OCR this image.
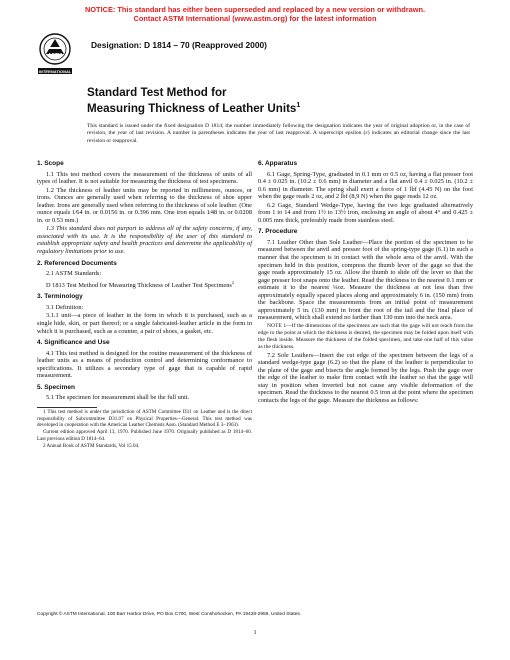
NOTICE: This standard has either been superseded and replaced by a new version or withdrawn.
Contact ASTM International (www.astm.org) for the latest information
ASTM
INTERNATIONAL
Designation: D 1814 – 70 (Reapproved 2000)
Standard Test Method for
Measuring Thickness of Leather Units$^1$
This standard is issued under the fixed designation D 1814; the number immediately following the designation indicates the year of original adoption or, in the case of revision, the year of last revision. A number in parentheses indicates the year of last reapproval. A superscript epsilon (ε) indicates an editorial change since the last revision or reapproval.
1. Scope

1.1 This test method covers the measurement of the thickness of units of all types of leather. It is not suitable for measuring the thickness of test specimens.

1.2 The thickness of leather units may be reported in millimetres, ounces, or irons. Ounces are generally used when referring to the thickness of shoe upper leather. Irons are generally used when referring to the thickness of sole leather. (One ounce equals 1⁄64 in. or 0.0156 in. or 0.396 mm. One iron equals 1⁄48 in. or 0.0208 in. or 0.53 mm.)

1.3 This standard does not purport to address all of the safety concerns, if any, associated with its use. It is the responsibility of the user of this standard to establish appropriate safety and health practices and determine the applicability of regulatory limitations prior to use.

2. Referenced Documents

2.1 ASTM Standards:

D 1813 Test Method for Measuring Thickness of Leather Test Specimens$^2$

3. Terminology

3.1 Definition:

3.1.1 unit—a piece of leather in the form in which it is purchased, such as a single hide, skin, or part thereof; or a single fabricated-leather article in the form in which it is purchased, such as a counter, a pair of shoes, a gasket, etc.

4. Significance and Use

4.1 This test method is designed for the routine measurement of the thickness of leather units as a means of production control and determining conformance to specifications. It utilizes a secondary type of gage that is capable of rapid measurement.

5. Specimen

5.1 The specimen for measurement shall be the full unit.

1 This test method is under the jurisdiction of ASTM Committee D31 on Leather and is the direct responsibility of Subcommittee D31.07 on Physical Properties—General. This test method was developed in cooperation with the American Leather Chemists Assn. (Standard Method E 3–1963).

Current edition approved April 13, 1970. Published June 1970. Originally published as D 1814–60. Last previous edition D 1814–64.

2 Annual Book of ASTM Standards, Vol 15.04.

6. Apparatus

6.1 Gage, Spring-Type, graduated in 0.1 mm or 0.5 oz, having a flat presser foot 0.4 ± 0.025 in. (10.2 ± 0.6 mm) in diameter and a flat anvil 0.4 ± 0.025 in. (10.2 ± 0.6 mm) in diameter. The spring shall exert a force of 1 lbf (4.45 N) on the foot when the gage reads 2 oz, and 2 lbf (8,9 N) when the gage reads 12 oz.

6.2 Gage, Standard Wedge-Type, having the two legs graduated alternatively from 1 to 14 and from 1½ to 13½ iron, enclosing an angle of about 4° and 0.425 ± 0.005 mm thick, preferably made from stainless steel.

7. Procedure

7.1 Leather Other than Sole Leather—Place the portion of the specimen to be measured between the anvil and presser foot of the spring-type gage (6.1) in such a manner that the specimen is in contact with the whole area of the anvil. With the specimen held in this position, compress the thumb lever of the gage so that the gage reads approximately 15 oz. Allow the thumb to slide off the lever so that the gage presser foot snaps onto the leather. Read the thickness to the nearest 0.1 mm or estimate it to the nearest ¼oz. Measure the thickness at not less than five approximately equally spaced places along and approximately 6 in. (150 mm) from the backbone. Space the measurements from an initial point of measurement approximately 5 in. (130 mm) in front the root of the tail and the final place of measurement, which shall extend no farther than 130 mm into the neck area.

NOTE 1—If the dimensions of the specimens are such that the gage will not reach from the edge to the point at which the thickness is desired, the specimen may be folded upon itself with the flesh inside. Measure the thickness of the folded specimen, and take one half of this value as the thickness.

7.2 Sole Leathers—Insert the cut edge of the specimen between the legs of a standard wedge-type gage (6.2) so that the plane of the leather is perpendicular to the plane of the gage and bisects the angle formed by the legs. Push the gage over the edge of the leather to make firm contact with the leather so that the gage will stay in position when inverted but not cause any visible deformation of the specimen. Read the thickness to the nearest 0.5 iron at the point where the specimen contacts the legs of the gage. Measure the thickness as follows:

Copyright © ASTM International, 100 Barr Harbor Drive, PO Box C700, West Conshohocken, PA 19428-2959, United States.
1
